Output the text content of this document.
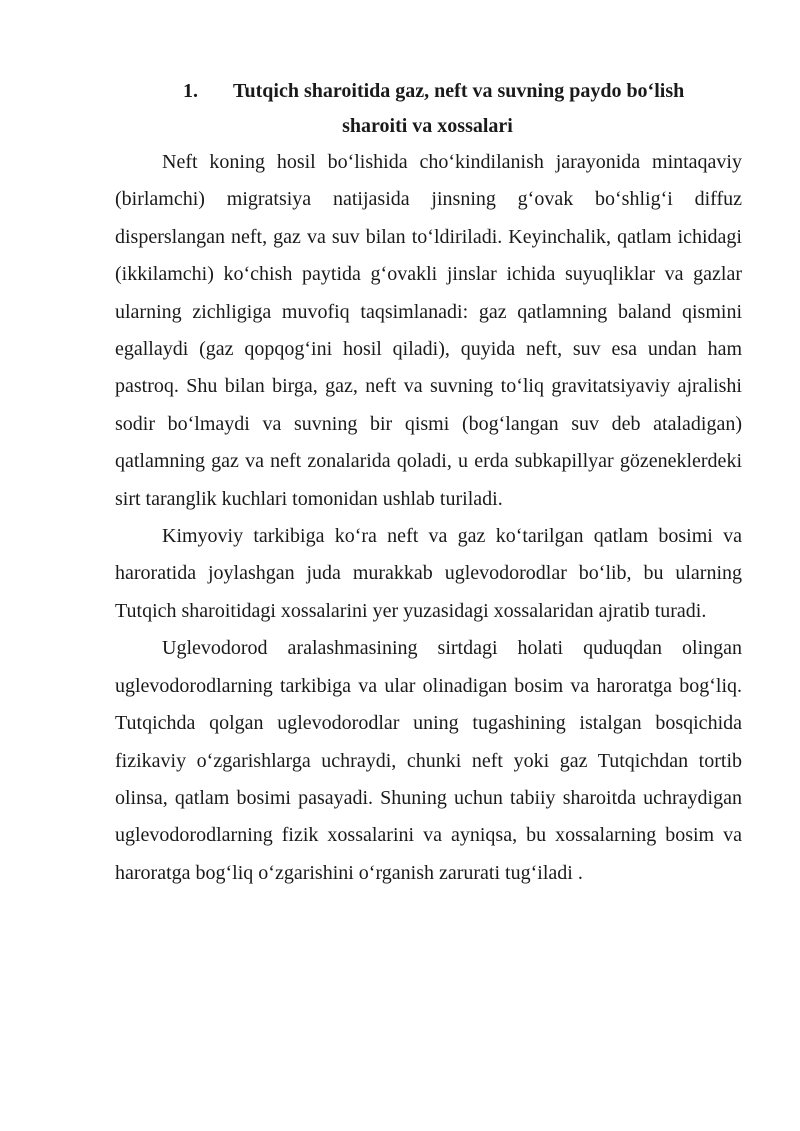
1. Tutqich sharoitida gaz, neft va suvning paydo bo‘lish
sharoiti va xossalari

Neft koning hosil bo‘lishida cho‘kindilanish jarayonida mintaqaviy (birlamchi) migratsiya natijasida jinsning g‘ovak bo‘shlig‘i diffuz disperslangan neft, gaz va suv bilan to‘ldiriladi. Keyinchalik, qatlam ichidagi (ikkilamchi) ko‘chish paytida g‘ovakli jinslar ichida suyuqliklar va gazlar ularning zichligiga muvofiq taqsimlanadi: gaz qatlamning baland qismini egallaydi (gaz qopqog‘ini hosil qiladi), quyida neft, suv esa undan ham pastroq. Shu bilan birga, gaz, neft va suvning to‘liq gravitatsiyaviy ajralishi sodir bo‘lmaydi va suvning bir qismi (bog‘langan suv deb ataladigan) qatlamning gaz va neft zonalarida qoladi, u erda subkapillyar gözeneklerdeki sirt taranglik kuchlari tomonidan ushlab turiladi.

Kimyoviy tarkibiga ko‘ra neft va gaz ko‘tarilgan qatlam bosimi va haroratida joylashgan juda murakkab uglevodorodlar bo‘lib, bu ularning Tutqich sharoitidagi xossalarini yer yuzasidagi xossalaridan ajratib turadi.

Uglevodorod aralashmasining sirtdagi holati quduqdan olingan uglevodorodlarning tarkibiga va ular olinadigan bosim va haroratga bog‘liq. Tutqichda qolgan uglevodorodlar uning tugashining istalgan bosqichida fizikaviy o‘zgarishlarga uchraydi, chunki neft yoki gaz Tutqichdan tortib olinsa, qatlam bosimi pasayadi. Shuning uchun tabiiy sharoitda uchraydigan uglevodorodlarning fizik xossalarini va ayniqsa, bu xossalarning bosim va haroratga bog‘liq o‘zgarishini o‘rganish zarurati tug‘iladi .
